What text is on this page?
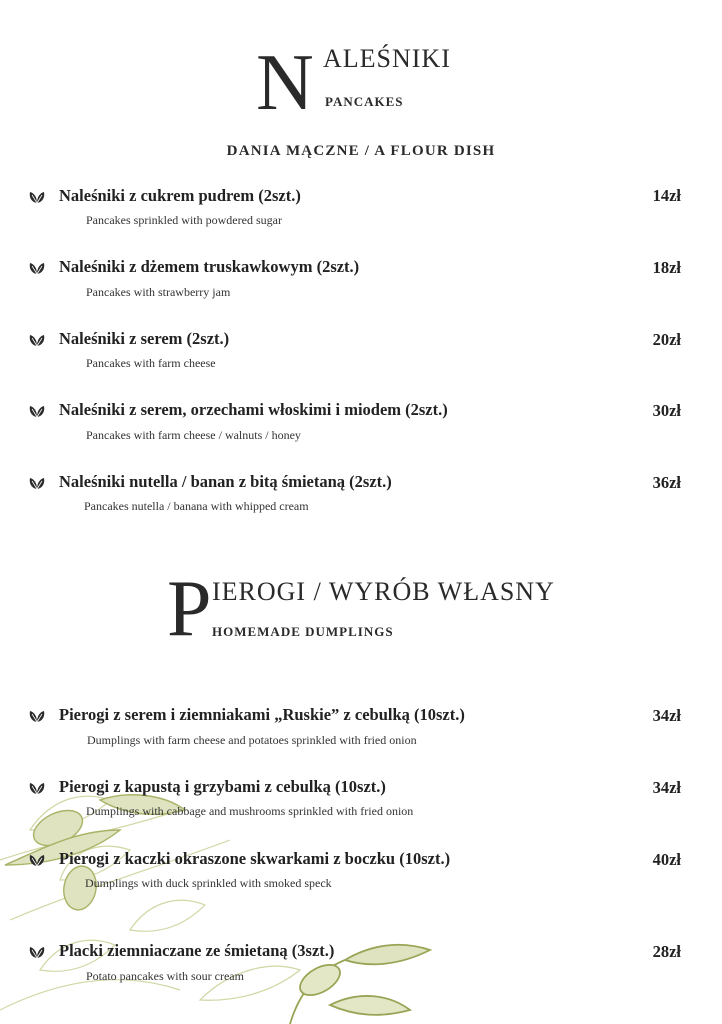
N ALEŚNIKI
PANCAKES
DANIA MĄCZNE / A FLOUR DISH
Naleśniki z cukrem pudrem (2szt.)
Pancakes sprinkled with powdered sugar
14zł
Naleśniki z dżemem truskawkowym (2szt.)
Pancakes with strawberry jam
18zł
Naleśniki z serem (2szt.)
Pancakes with farm cheese
20zł
Naleśniki z serem, orzechami włoskimi i miodem (2szt.)
Pancakes with farm cheese / walnuts / honey
30zł
Naleśniki nutella / banan z bitą śmietaną (2szt.)
Pancakes nutella / banana with whipped cream
36zł
P IEROGI / WYRÓB WŁASNY
HOMEMADE DUMPLINGS
Pierogi z serem i ziemniakami „Ruskie” z cebulką (10szt.)
Dumplings with farm cheese and potatoes sprinkled with fried onion
34zł
Pierogi z kapustą i grzybami z cebulką (10szt.)
Dumplings with cabbage and mushrooms sprinkled with fried onion
34zł
Pierogi z kaczki okraszone skwarkami z boczku (10szt.)
Dumplings with duck sprinkled with smoked speck
40zł
Placki ziemniaczane ze śmietaną (3szt.)
Potato pancakes with sour cream
28zł
